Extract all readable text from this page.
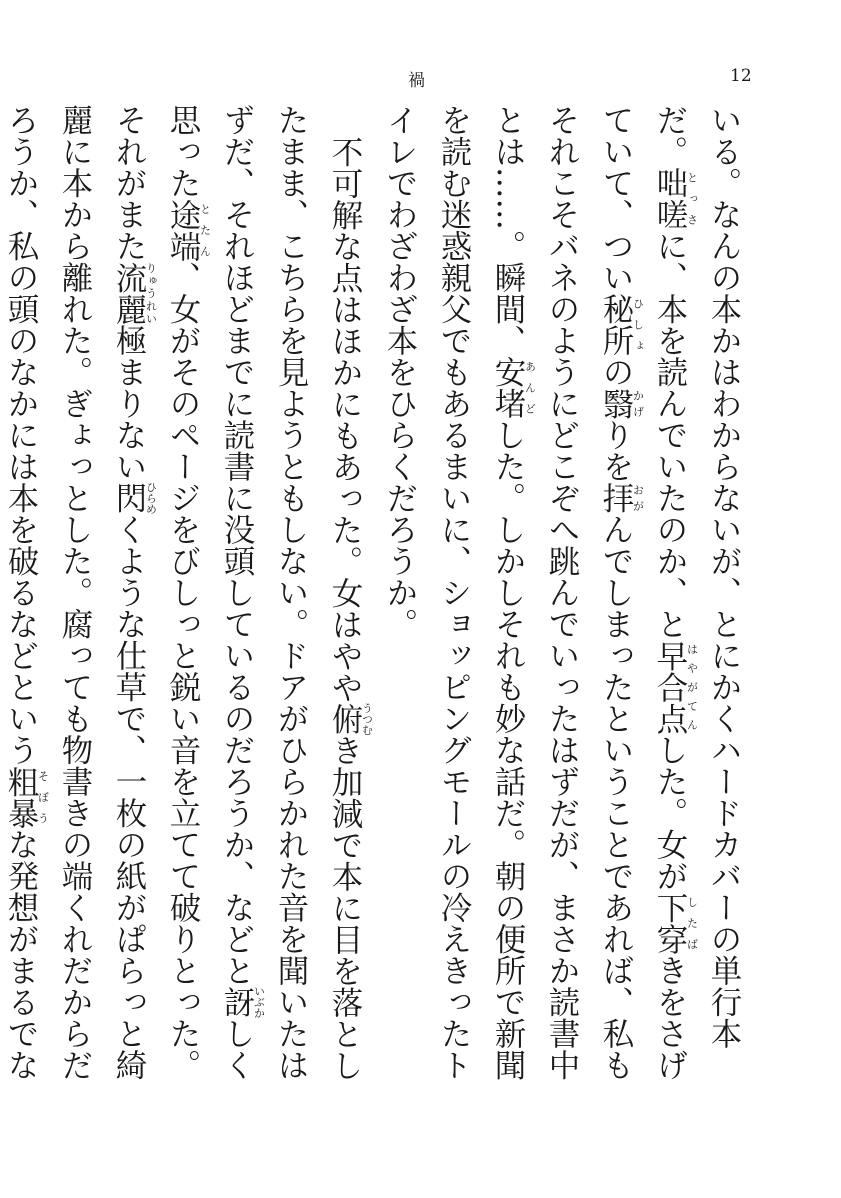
禍	12

いる。なんの本かはわからないが、とにかくハードカバーの単行本だ。咄嗟とっさに、本を読んでいたのか、と早合点はやがてんした。女が下穿したばきをさげていて、つい秘所ひしょの翳かげりを拝おがんでしまったということであれば、私もそれこそバネのようにどこぞへ跳んでいったはずだが、まさか読書中とは……。瞬間、安堵あんどした。しかしそれも妙な話だ。朝の便所で新聞を読む迷惑親父でもあるまいに、ショッピングモールの冷えきったトイレでわざわざ本をひらくだろうか。

不可解な点はほかにもあった。女はやや俯うつむき加減で本に目を落としたまま、こちらを見ようともしない。ドアがひらかれた音を聞いたはずだ、それほどまでに読書に没頭しているのだろうか、などと訝いぶかしく思った途端とたん、女がそのページをびしっと鋭い音を立てて破りとった。それがまた流麗りゅうれい極まりない閃ひらめくような仕草で、一枚の紙がぱらっと綺麗に本から離れた。ぎょっとした。腐っても物書きの端くれだからだろうか、私の頭のなかには本を破るなどという粗暴そぼうな発想がまるでな
